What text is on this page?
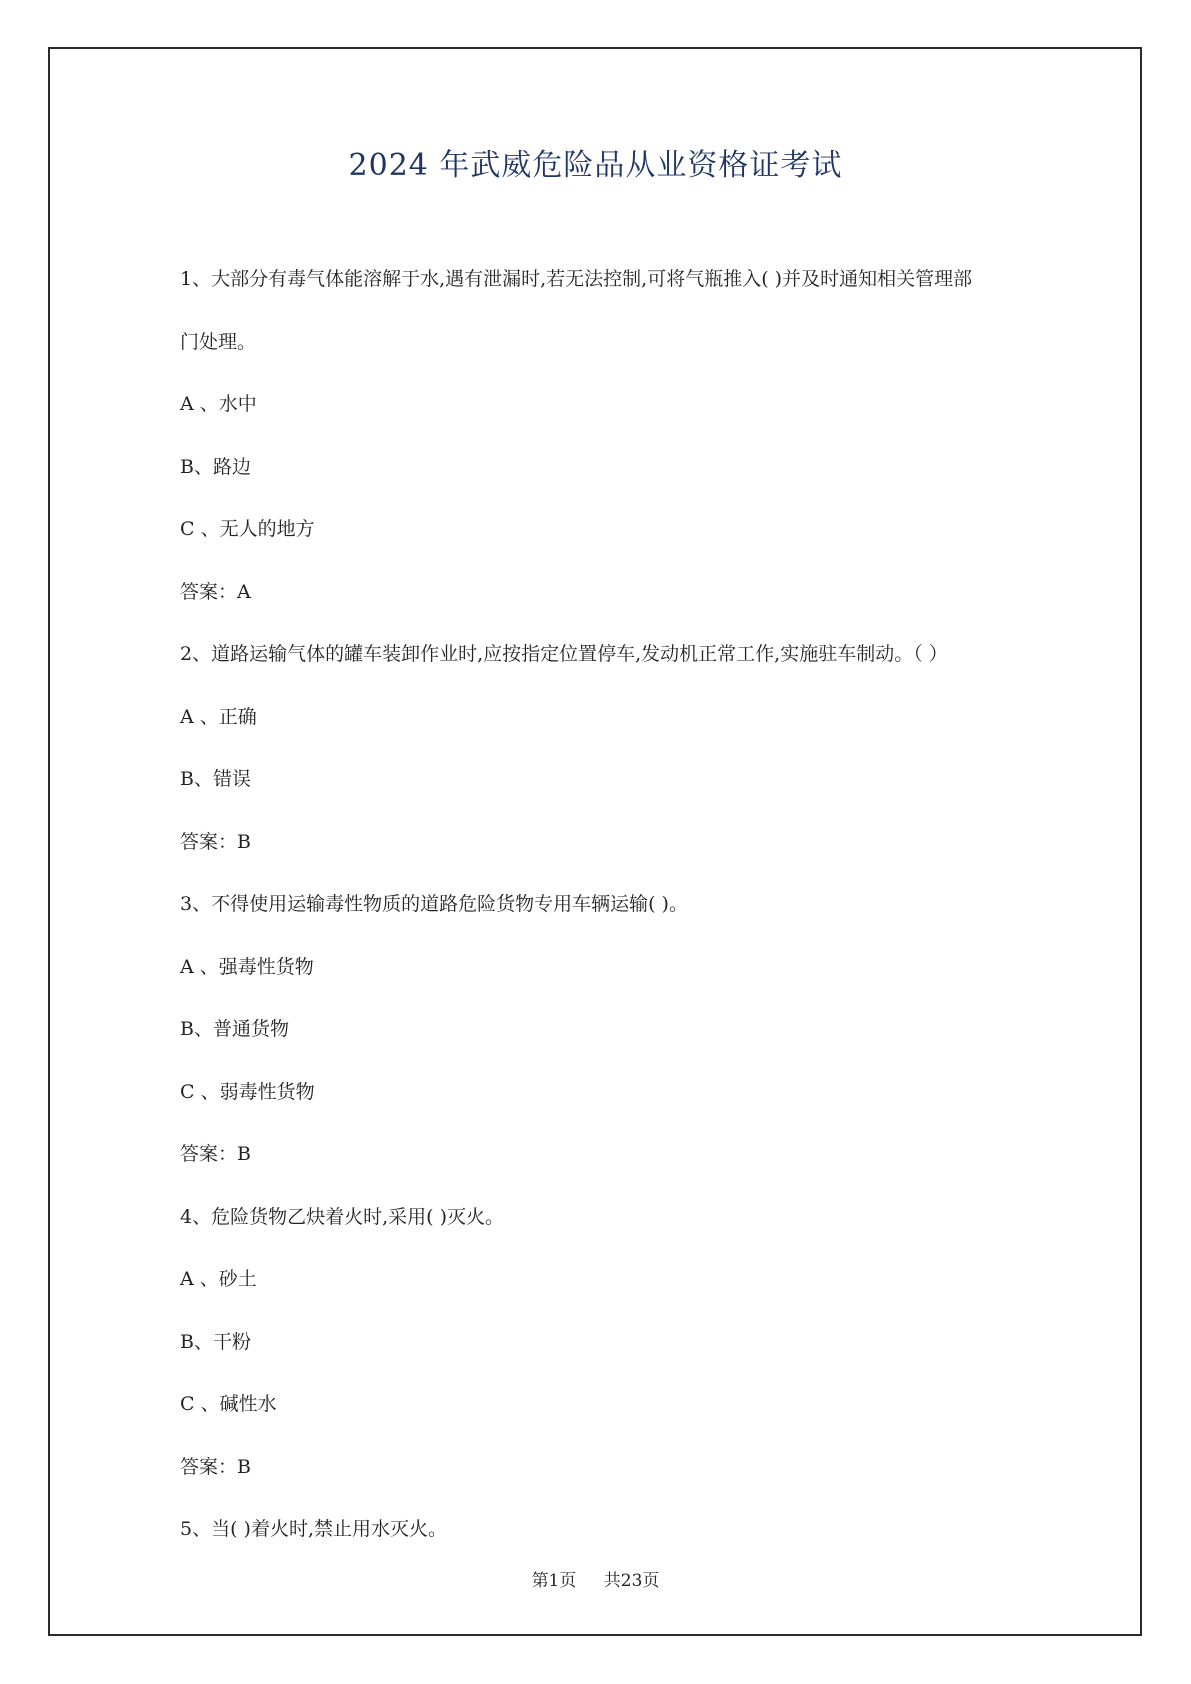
2024 年武威危险品从业资格证考试
1、大部分有毒气体能溶解于水,遇有泄漏时,若无法控制,可将气瓶推入( )并及时通知相关管理部
门处理。
A 、水中
B、路边
C 、无人的地方
答案：A
2、道路运输气体的罐车装卸作业时,应按指定位置停车,发动机正常工作,实施驻车制动。（ ）
A 、正确
B、错误
答案：B
3、不得使用运输毒性物质的道路危险货物专用车辆运输( )。
A 、强毒性货物
B、普通货物
C 、弱毒性货物
答案：B
4、危险货物乙炔着火时,采用( )灭火。
A 、砂土
B、干粉
C 、碱性水
答案：B
5、当( )着火时,禁止用水灭火。
第1页 共23页
